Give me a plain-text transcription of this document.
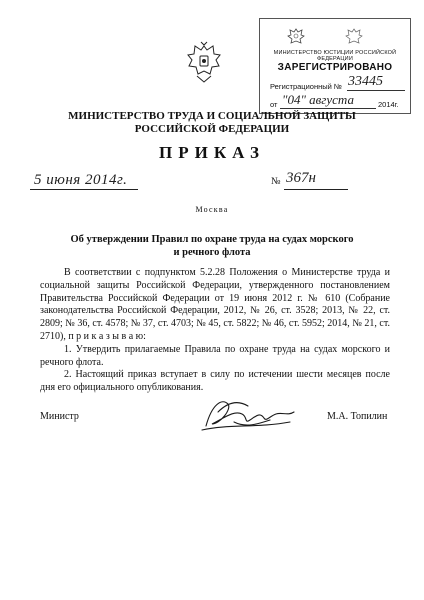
МИНИСТЕРСТВО ЮСТИЦИИ РОССИЙСКОЙ ФЕДЕРАЦИИ
ЗАРЕГИСТРИРОВАНО
Регистрационный № 33445
от "04" августа	2014г.
МИНИСТЕРСТВО ТРУДА И СОЦИАЛЬНОЙ ЗАЩИТЫ
РОССИЙСКОЙ ФЕДЕРАЦИИ
ПРИКАЗ
5 июня 2014г.	№ 367н
Москва
Об утверждении Правил по охране труда на судах морского
и речного флота

В соответствии с подпунктом 5.2.28 Положения о Министерстве труда и социальной защиты Российской Федерации, утвержденного постановлением Правительства Российской Федерации от 19 июня 2012 г. № 610 (Собрание законодательства Российской Федерации, 2012, № 26, ст. 3528; 2013, № 22, ст. 2809; № 36, ст. 4578; № 37, ст. 4703; № 45, ст. 5822; № 46, ст. 5952; 2014, № 21, ст. 2710), п р и к а з ы в а ю:

1. Утвердить прилагаемые Правила по охране труда на судах морского и речного флота.

2. Настоящий приказ вступает в силу по истечении шести месяцев после дня его официального опубликования.

Министр	М.А. Топилин
